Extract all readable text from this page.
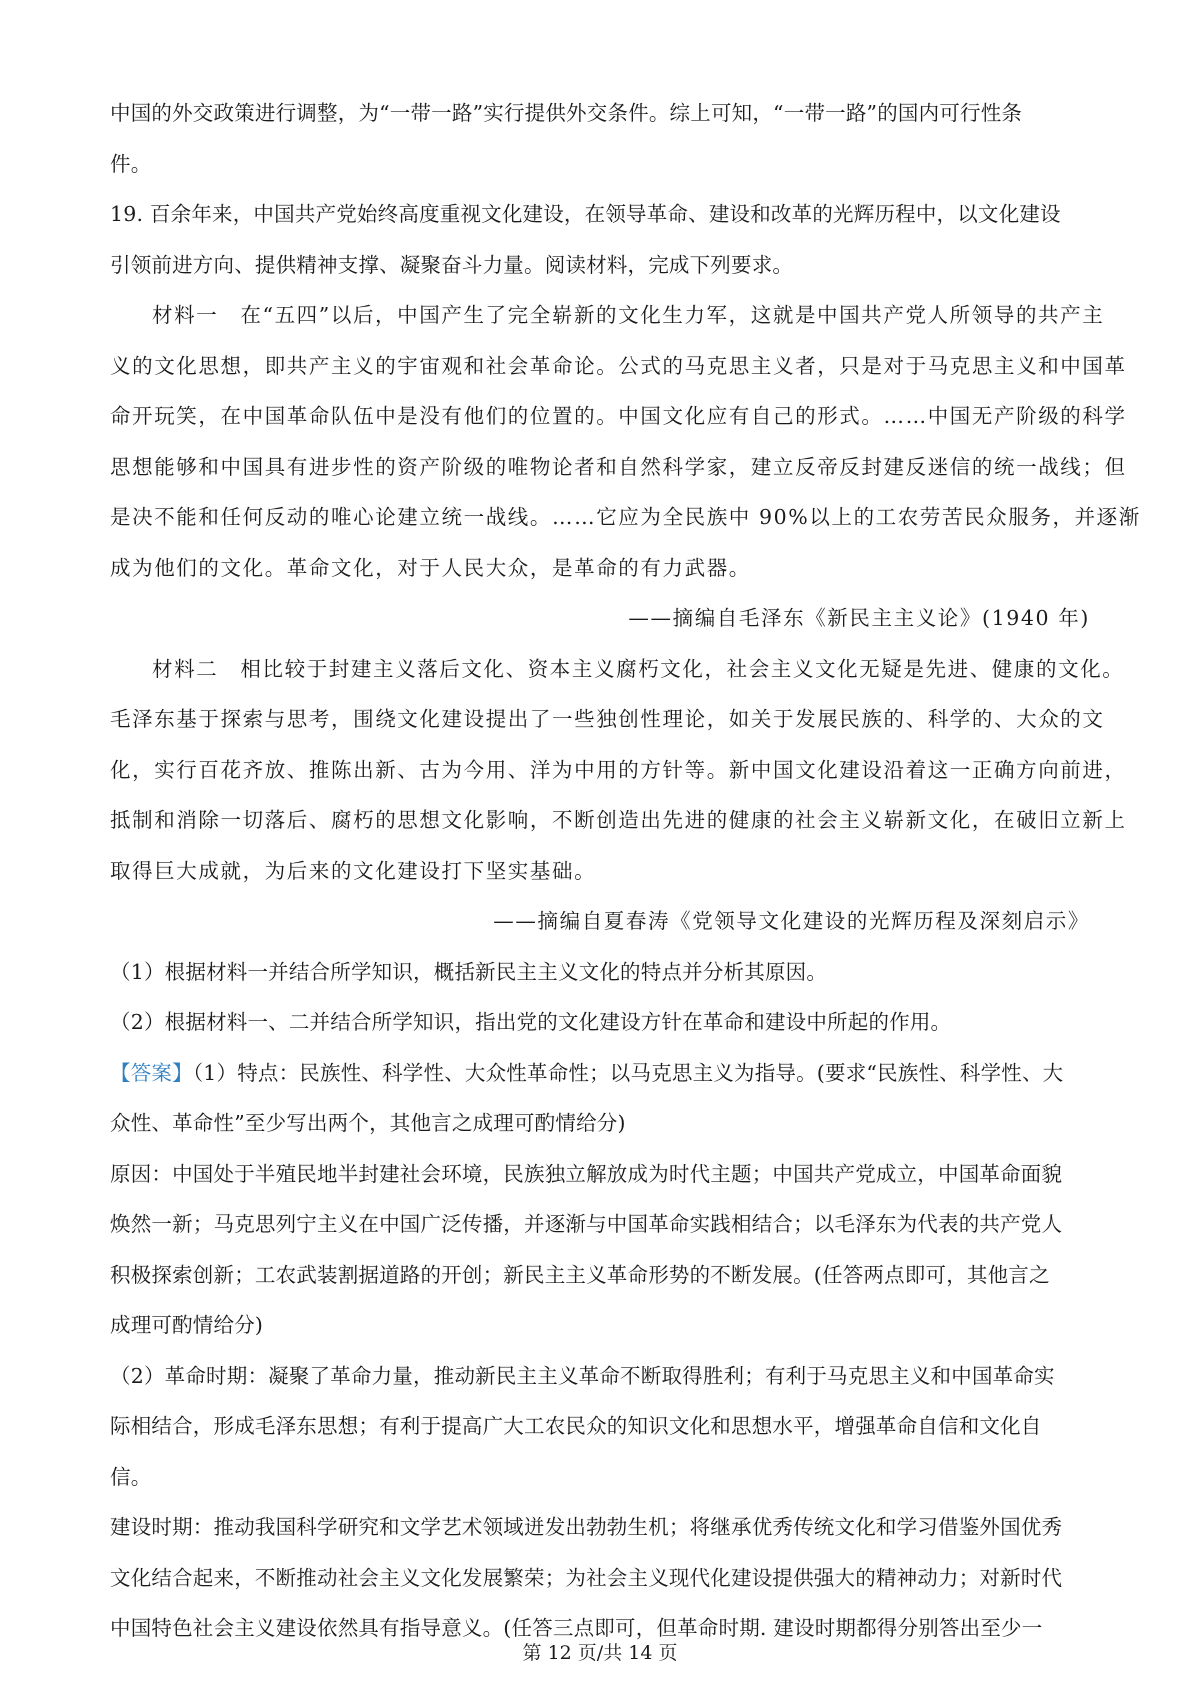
中国的外交政策进行调整，为“一带一路”实行提供外交条件。综上可知，“一带一路”的国内可行性条
件。
19. 百余年来，中国共产党始终高度重视文化建设，在领导革命、建设和改革的光辉历程中，以文化建设
引领前进方向、提供精神支撑、凝聚奋斗力量。阅读材料，完成下列要求。
材料一　在“五四”以后，中国产生了完全崭新的文化生力军，这就是中国共产党人所领导的共产主
义的文化思想，即共产主义的宇宙观和社会革命论。公式的马克思主义者，只是对于马克思主义和中国革
命开玩笑，在中国革命队伍中是没有他们的位置的。中国文化应有自己的形式。……中国无产阶级的科学
思想能够和中国具有进步性的资产阶级的唯物论者和自然科学家，建立反帝反封建反迷信的统一战线；但
是决不能和任何反动的唯心论建立统一战线。……它应为全民族中 90%以上的工农劳苦民众服务，并逐渐
成为他们的文化。革命文化，对于人民大众，是革命的有力武器。
——摘编自毛泽东《新民主主义论》(1940 年)
材料二　相比较于封建主义落后文化、资本主义腐朽文化，社会主义文化无疑是先进、健康的文化。
毛泽东基于探索与思考，围绕文化建设提出了一些独创性理论，如关于发展民族的、科学的、大众的文
化，实行百花齐放、推陈出新、古为今用、洋为中用的方针等。新中国文化建设沿着这一正确方向前进，
抵制和消除一切落后、腐朽的思想文化影响，不断创造出先进的健康的社会主义崭新文化，在破旧立新上
取得巨大成就，为后来的文化建设打下坚实基础。
——摘编自夏春涛《党领导文化建设的光辉历程及深刻启示》
（1）根据材料一并结合所学知识，概括新民主主义文化的特点并分析其原因。
（2）根据材料一、二并结合所学知识，指出党的文化建设方针在革命和建设中所起的作用。
【答案】（1）特点：民族性、科学性、大众性革命性；以马克思主义为指导。(要求“民族性、科学性、大
众性、革命性”至少写出两个，其他言之成理可酌情给分)
原因：中国处于半殖民地半封建社会环境，民族独立解放成为时代主题；中国共产党成立，中国革命面貌
焕然一新；马克思列宁主义在中国广泛传播，并逐渐与中国革命实践相结合；以毛泽东为代表的共产党人
积极探索创新；工农武装割据道路的开创；新民主主义革命形势的不断发展。(任答两点即可，其他言之
成理可酌情给分)
（2）革命时期：凝聚了革命力量，推动新民主主义革命不断取得胜利；有利于马克思主义和中国革命实
际相结合，形成毛泽东思想；有利于提高广大工农民众的知识文化和思想水平，增强革命自信和文化自
信。
建设时期：推动我国科学研究和文学艺术领域迸发出勃勃生机；将继承优秀传统文化和学习借鉴外国优秀
文化结合起来，不断推动社会主义文化发展繁荣；为社会主义现代化建设提供强大的精神动力；对新时代
中国特色社会主义建设依然具有指导意义。(任答三点即可，但革命时期. 建设时期都得分别答出至少一
第 12 页/共 14 页
